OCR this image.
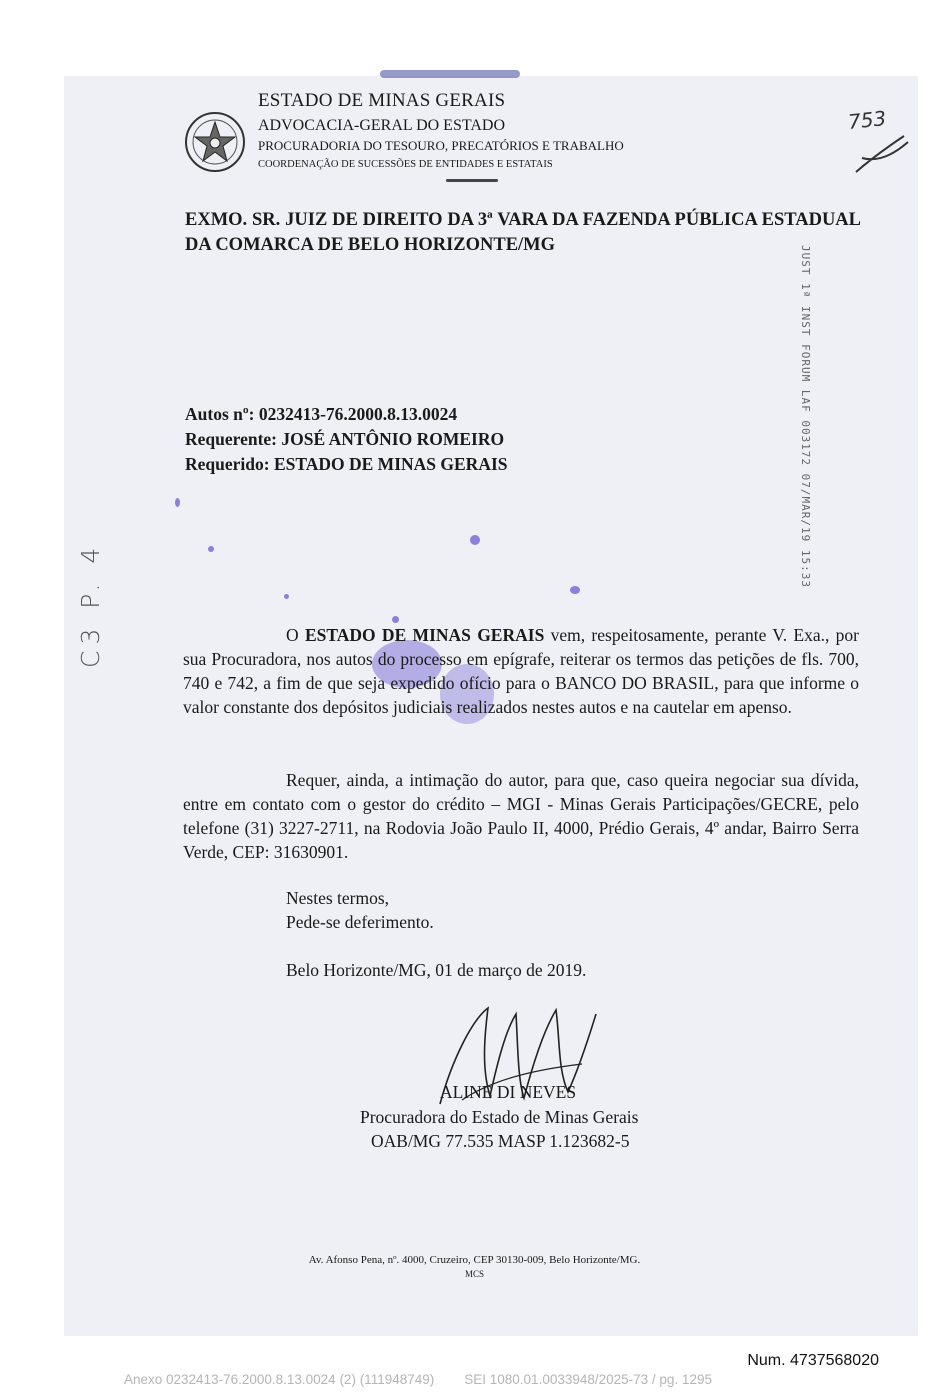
ESTADO DE MINAS GERAIS
ADVOCACIA-GERAL DO ESTADO
PROCURADORIA DO TESOURO, PRECATÓRIOS E TRABALHO
COORDENAÇÃO DE SUCESSÕES DE ENTIDADES E ESTATAIS
753
EXMO. SR. JUIZ DE DIREITO DA 3ª VARA DA FAZENDA PÚBLICA ESTADUAL DA COMARCA DE BELO HORIZONTE/MG	JUST 1ª INST FORUM LAF 003172 07/MAR/19 15:33
C3 P. 4
Autos nº: 0232413-76.2000.8.13.0024
Requerente: JOSÉ ANTÔNIO ROMEIRO
Requerido: ESTADO DE MINAS GERAIS
O ESTADO DE MINAS GERAIS vem, respeitosamente, perante V. Exa., por sua Procuradora, nos autos do processo em epígrafe, reiterar os termos das petições de fls. 700, 740 e 742, a fim de que seja expedido ofício para o BANCO DO BRASIL, para que informe o valor constante dos depósitos judiciais realizados nestes autos e na cautelar em apenso.
Requer, ainda, a intimação do autor, para que, caso queira negociar sua dívida, entre em contato com o gestor do crédito – MGI - Minas Gerais Participações/GECRE, pelo telefone (31) 3227-2711, na Rodovia João Paulo II, 4000, Prédio Gerais, 4º andar, Bairro Serra Verde, CEP: 31630901.
Nestes termos,
Pede-se deferimento.
Belo Horizonte/MG, 01 de março de 2019.
ALINE DI NEVES
Procuradora do Estado de Minas Gerais
OAB/MG 77.535 MASP 1.123682-5
Av. Afonso Pena, nº. 4000, Cruzeiro, CEP 30130-009, Belo Horizonte/MG.
MCS
Num. 4737568020
Anexo 0232413-76.2000.8.13.0024 (2) (111948749)        SEI 1080.01.0033948/2025-73 / pg. 1295
